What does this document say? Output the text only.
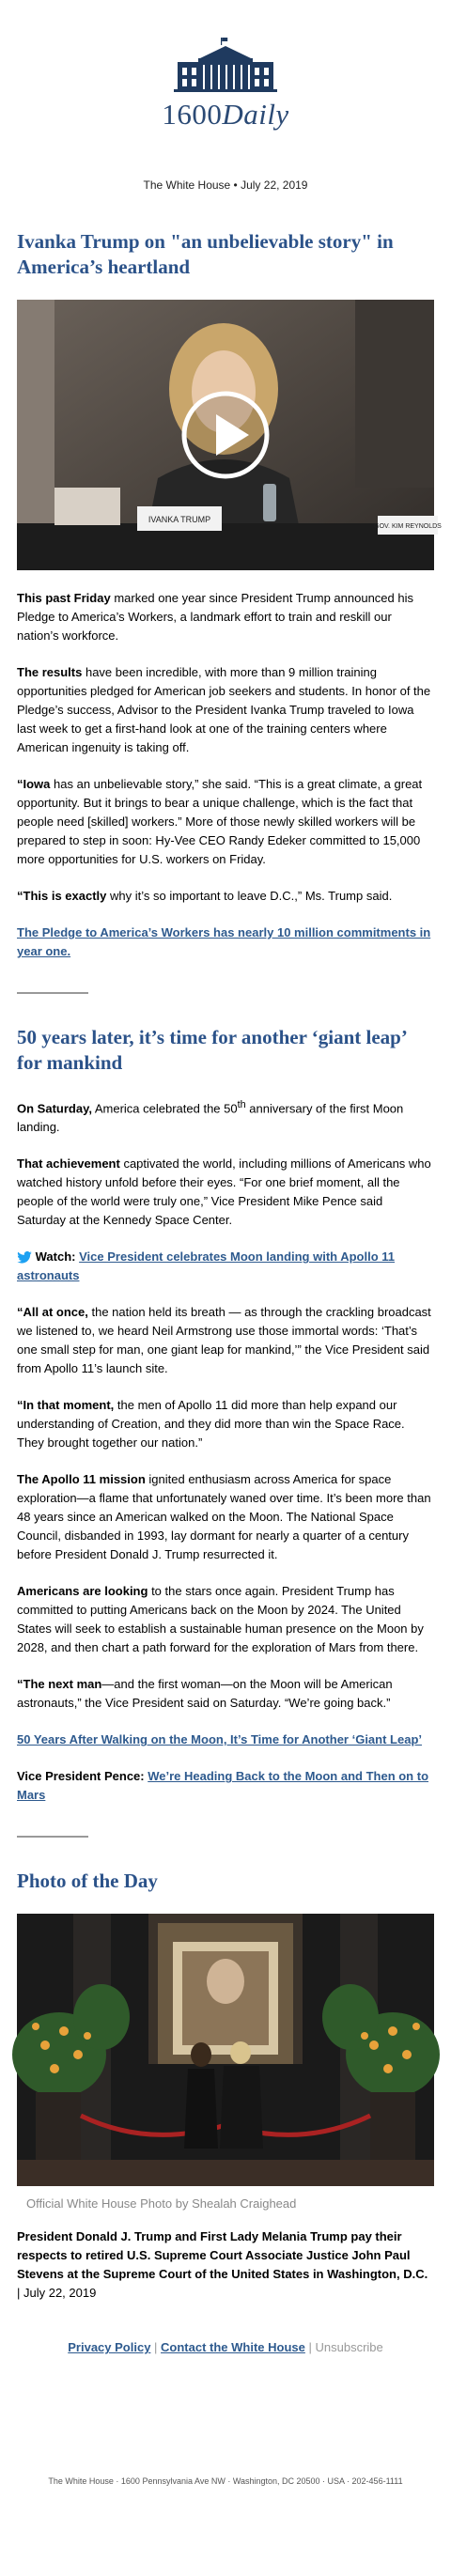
1600Daily
The White House • July 22, 2019
Ivanka Trump on "an unbelievable story" in America’s heartland
IVANKA TRUMP
GOV. KIM REYNOLDS

This past Friday marked one year since President Trump announced his Pledge to America’s Workers, a landmark effort to train and reskill our nation’s workforce.

The results have been incredible, with more than 9 million training opportunities pledged for American job seekers and students. In honor of the Pledge’s success, Advisor to the President Ivanka Trump traveled to Iowa last week to get a first-hand look at one of the training centers where American ingenuity is taking off.

“Iowa has an unbelievable story,” she said. “This is a great climate, a great opportunity. But it brings to bear a unique challenge, which is the fact that people need [skilled] workers.” More of those newly skilled workers will be prepared to step in soon: Hy-Vee CEO Randy Edeker committed to 15,000 more opportunities for U.S. workers on Friday.

“This is exactly why it’s so important to leave D.C.,” Ms. Trump said.

The Pledge to America’s Workers has nearly 10 million commitments in year one.

50 years later, it’s time for another ‘giant leap’ for mankind

On Saturday, America celebrated the 50th anniversary of the first Moon landing.

That achievement captivated the world, including millions of Americans who watched history unfold before their eyes. “For one brief moment, all the people of the world were truly one,” Vice President Mike Pence said Saturday at the Kennedy Space Center.

Watch: Vice President celebrates Moon landing with Apollo 11 astronauts

“All at once, the nation held its breath — as through the crackling broadcast we listened to, we heard Neil Armstrong use those immortal words: ‘That’s one small step for man, one giant leap for mankind,’” the Vice President said from Apollo 11’s launch site.

“In that moment, the men of Apollo 11 did more than help expand our understanding of Creation, and they did more than win the Space Race. They brought together our nation.”

The Apollo 11 mission ignited enthusiasm across America for space exploration—a flame that unfortunately waned over time. It’s been more than 48 years since an American walked on the Moon. The National Space Council, disbanded in 1993, lay dormant for nearly a quarter of a century before President Donald J. Trump resurrected it.

Americans are looking to the stars once again. President Trump has committed to putting Americans back on the Moon by 2024. The United States will seek to establish a sustainable human presence on the Moon by 2028, and then chart a path forward for the exploration of Mars from there.

“The next man—and the first woman—on the Moon will be American astronauts,” the Vice President said on Saturday. “We’re going back.”

50 Years After Walking on the Moon, It’s Time for Another ‘Giant Leap’

Vice President Pence: We’re Heading Back to the Moon and Then on to Mars

Photo of the Day
Official White House Photo by Shealah Craighead

President Donald J. Trump and First Lady Melania Trump pay their respects to retired U.S. Supreme Court Associate Justice John Paul Stevens at the Supreme Court of the United States in Washington, D.C. | July 22, 2019

Privacy Policy | Contact the White House | Unsubscribe
The White House · 1600 Pennsylvania Ave NW · Washington, DC 20500 · USA · 202-456-1111
